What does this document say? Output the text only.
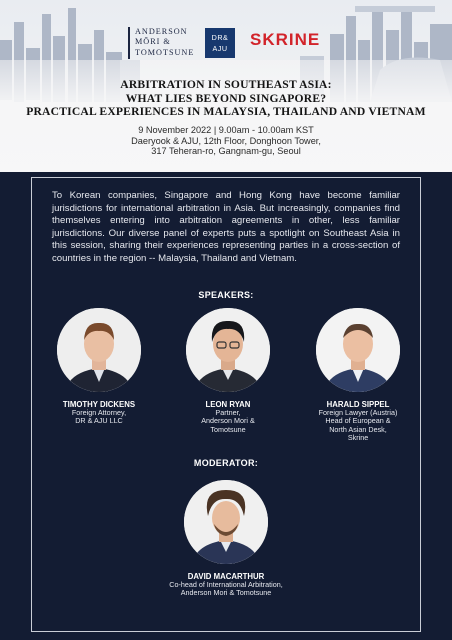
ANDERSON
MŌRI &
TOMOTSUNE
DR&
AJU	SKRINE
ARBITRATION IN SOUTHEAST ASIA:
WHAT LIES BEYOND SINGAPORE?
PRACTICAL EXPERIENCES IN MALAYSIA, THAILAND AND VIETNAM
9 November 2022 | 9.00am - 10.00am KST
Daeryook & AJU, 12th Floor, Donghoon Tower,
317 Teheran-ro, Gangnam-gu, Seoul

To Korean companies, Singapore and Hong Kong have become familiar jurisdictions for international arbitration in Asia. But increasingly, companies find themselves entering into arbitration agreements in other, less familiar jurisdictions. Our diverse panel of experts puts a spotlight on Southeast Asia in this session, sharing their experiences representing parties in a cross-section of countries in the region -- Malaysia, Thailand and Vietnam.

SPEAKERS:
TIMOTHY DICKENS
Foreign Attorney,
DR & AJU LLC
LEON RYAN
Partner,
Anderson Mori &
Tomotsune
HARALD SIPPEL
Foreign Lawyer (Austria)
Head of European &
North Asian Desk,
Skrine
MODERATOR:
DAVID MACARTHUR
Co-head of International Arbitration,
Anderson Mori & Tomotsune
